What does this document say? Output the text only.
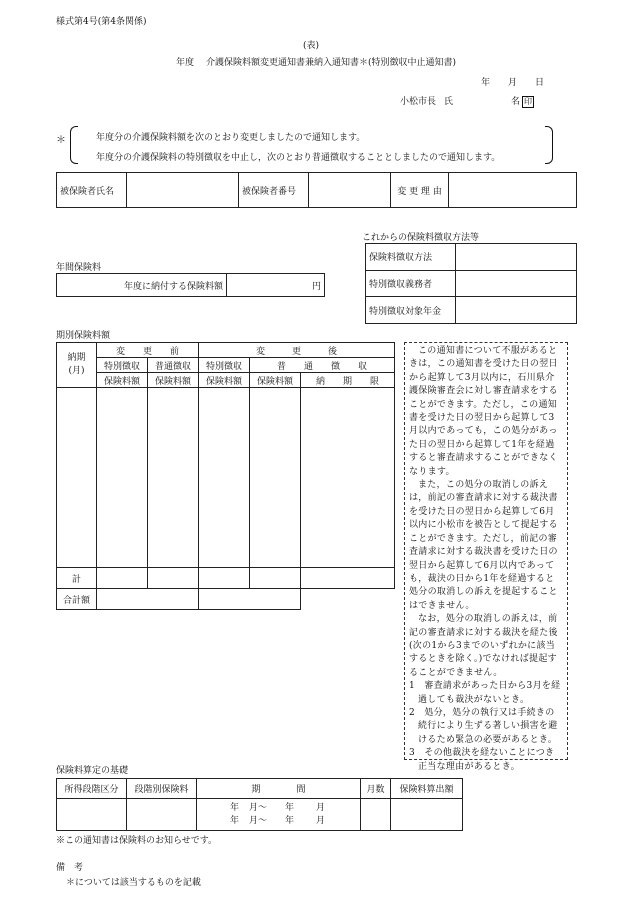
様式第4号(第4条関係)
(表)
年度 介護保険料額変更通知書兼納入通知書＊(特別徴収中止通知書)
年 月 日
小松市長 氏	名 印
＊	年度分の介護保険料額を次のとおり変更しましたので通知します。
年度分の介護保険料の特別徴収を中止し，次のとおり普通徴収することとしましたので通知します。
被保険者氏名		被保険者番号		変 更 理 由	
これからの保険料徴収方法等
保険料徴収方法	
特別徴収義務者	
特別徴収対象年金	
年間保険料
年度に納付する保険料額	円
期別保険料額
納期
(月)	変　　更　　前		変　　　更　　　後		
	特別徴収	普通徴収	特別徴収	普　　通　　徴　　収	
	保険料額	保険料額	保険料額	保険料額	納　　期　　限

計					
合計額					

この通知書について不服があるときは，この通知書を受けた日の翌日から起算して3月以内に，石川県介護保険審査会に対し審査請求をすることができます。ただし，この通知書を受けた日の翌日から起算して3月以内であっても，この処分があった日の翌日から起算して1年を経過すると審査請求することができなくなります。

また，この処分の取消しの訴えは，前記の審査請求に対する裁決書を受けた日の翌日から起算して6月以内に小松市を被告として提起することができます。ただし，前記の審査請求に対する裁決書を受けた日の翌日から起算して6月以内であっても，裁決の日から1年を経過すると処分の取消しの訴えを提起することはできません。

なお，処分の取消しの訴えは，前記の審査請求に対する裁決を経た後(次の1から3までのいずれかに該当するときを除く。)でなければ提起することができません。

1　審査請求があった日から3月を経過しても裁決がないとき。

2　処分，処分の執行又は手続きの続行により生ずる著しい損害を避けるため緊急の必要があるとき。

3　その他裁決を経ないことにつき正当な理由があるとき。

保険料算定の基礎
所得段階区分	段階別保険料	期　　　　間	月数	保険料算出額

		年 月～ 年 月
年 月～ 年 月		

※この通知書は保険料のお知らせです。
備　考
＊については該当するものを記載
